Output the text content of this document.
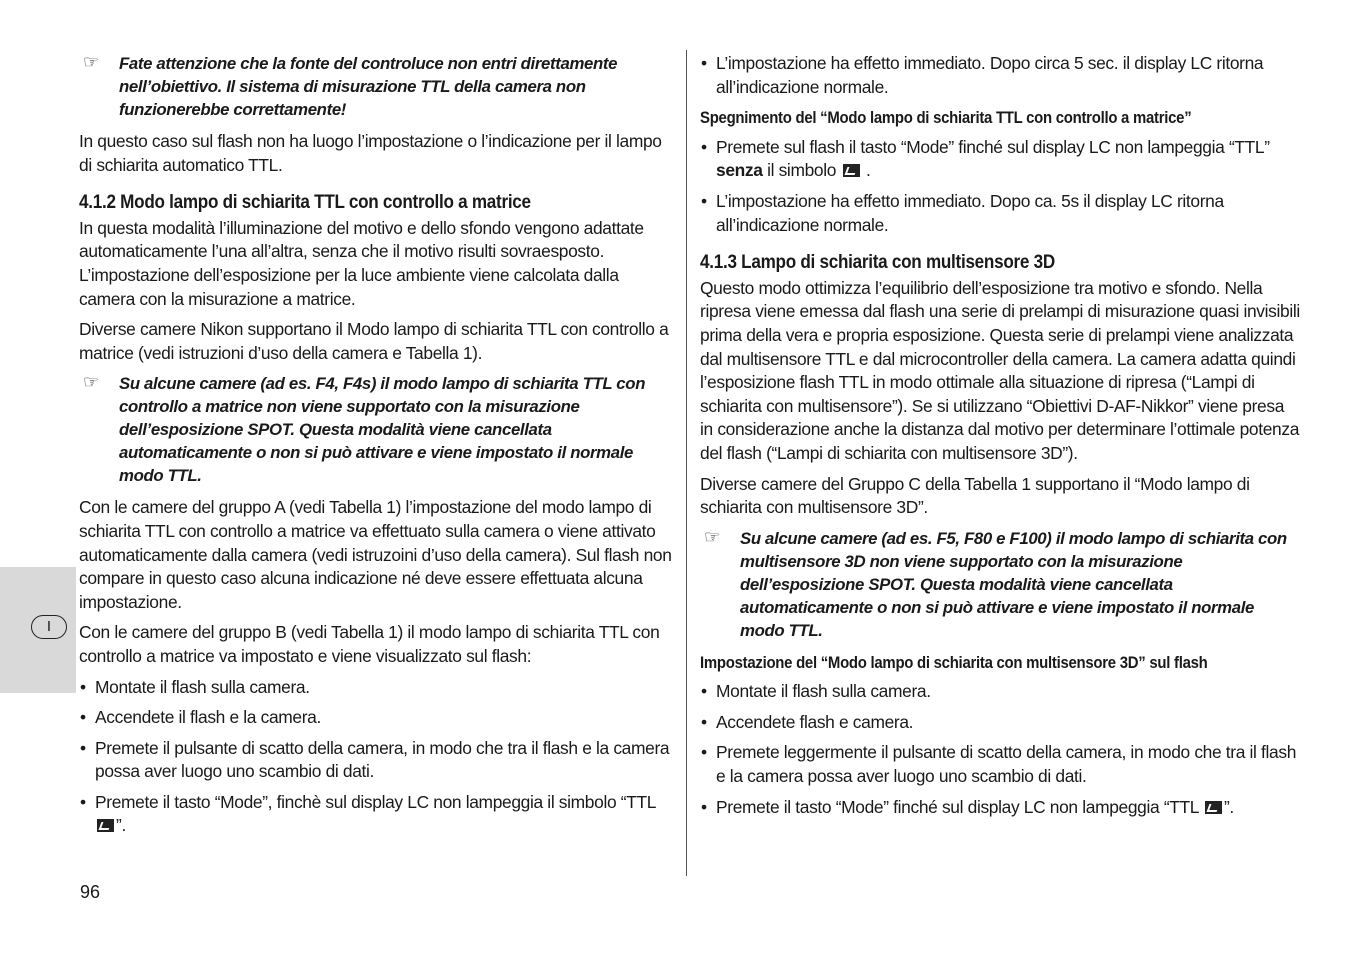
I
☞ Fate attenzione che la fonte del controluce non entri direttamente nell’obiettivo. Il sistema di misurazione TTL della camera non funzionerebbe correttamente!

In questo caso sul flash non ha luogo l’impostazione o l’indicazione per il lampo di schiarita automatico TTL.

4.1.2 Modo lampo di schiarita TTL con controllo a matrice

In questa modalità l’illuminazione del motivo e dello sfondo vengono adattate automaticamente l’una all’altra, senza che il motivo risulti sovraesposto. L’impostazione dell’esposizione per la luce ambiente viene calcolata dalla camera con la misurazione a matrice.

Diverse camere Nikon supportano il Modo lampo di schiarita TTL con controllo a matrice (vedi istruzioni d’uso della camera e Tabella 1).

☞ Su alcune camere (ad es. F4, F4s) il modo lampo di schiarita TTL con controllo a matrice non viene supportato con la misurazione dell’esposizione SPOT. Questa modalità viene cancellata automaticamente o non si può attivare e viene impostato il normale modo TTL.

Con le camere del gruppo A (vedi Tabella 1) l’impostazione del modo lampo di schiarita TTL con controllo a matrice va effettuato sulla camera o viene attivato automaticamente dalla camera (vedi istruzoini d’uso della camera). Sul flash non compare in questo caso alcuna indicazione né deve essere effettuata alcuna impostazione.

Con le camere del gruppo B (vedi Tabella 1) il modo lampo di schiarita TTL con controllo a matrice va impostato e viene visualizzato sul flash:

• Montate il flash sulla camera.
• Accendete il flash e la camera.
• Premete il pulsante di scatto della camera, in modo che tra il flash e la camera possa aver luogo uno scambio di dati.
• Premete il tasto “Mode”, finchè sul display LC non lampeggia il simbolo “TTL ”.
• L’impostazione ha effetto immediato. Dopo circa 5 sec. il display LC ritorna all’indicazione normale.
Spegnimento del “Modo lampo di schiarita TTL con controllo a matrice”
• Premete sul flash il tasto “Mode” finché sul display LC non lampeggia “TTL” senza il simbolo .
• L’impostazione ha effetto immediato. Dopo ca. 5s il display LC ritorna all’indicazione normale.
4.1.3 Lampo di schiarita con multisensore 3D

Questo modo ottimizza l’equilibrio dell’esposizione tra motivo e sfondo. Nella ripresa viene emessa dal flash una serie di prelampi di misurazione quasi invisibili prima della vera e propria esposizione. Questa serie di prelampi viene analizzata dal multisensore TTL e dal microcontroller della camera. La camera adatta quindi l’esposizione flash TTL in modo ottimale alla situazione di ripresa (“Lampi di schiarita con multisensore”). Se si utilizzano “Obiettivi D-AF-Nikkor” viene presa in considerazione anche la distanza dal motivo per determinare l’ottimale potenza del flash (“Lampi di schiarita con multisensore 3D”).

Diverse camere del Gruppo C della Tabella 1 supportano il “Modo lampo di schiarita con multisensore 3D”.

☞ Su alcune camere (ad es. F5, F80 e F100) il modo lampo di schiarita con multisensore 3D non viene supportato con la misurazione dell’esposizione SPOT. Questa modalità viene cancellata automaticamente o non si può attivare e viene impostato il normale modo TTL.
Impostazione del “Modo lampo di schiarita con multisensore 3D” sul flash
• Montate il flash sulla camera.
• Accendete flash e camera.
• Premete leggermente il pulsante di scatto della camera, in modo che tra il flash e la camera possa aver luogo uno scambio di dati.
• Premete il tasto “Mode” finché sul display LC non lampeggia “TTL ”.
96
